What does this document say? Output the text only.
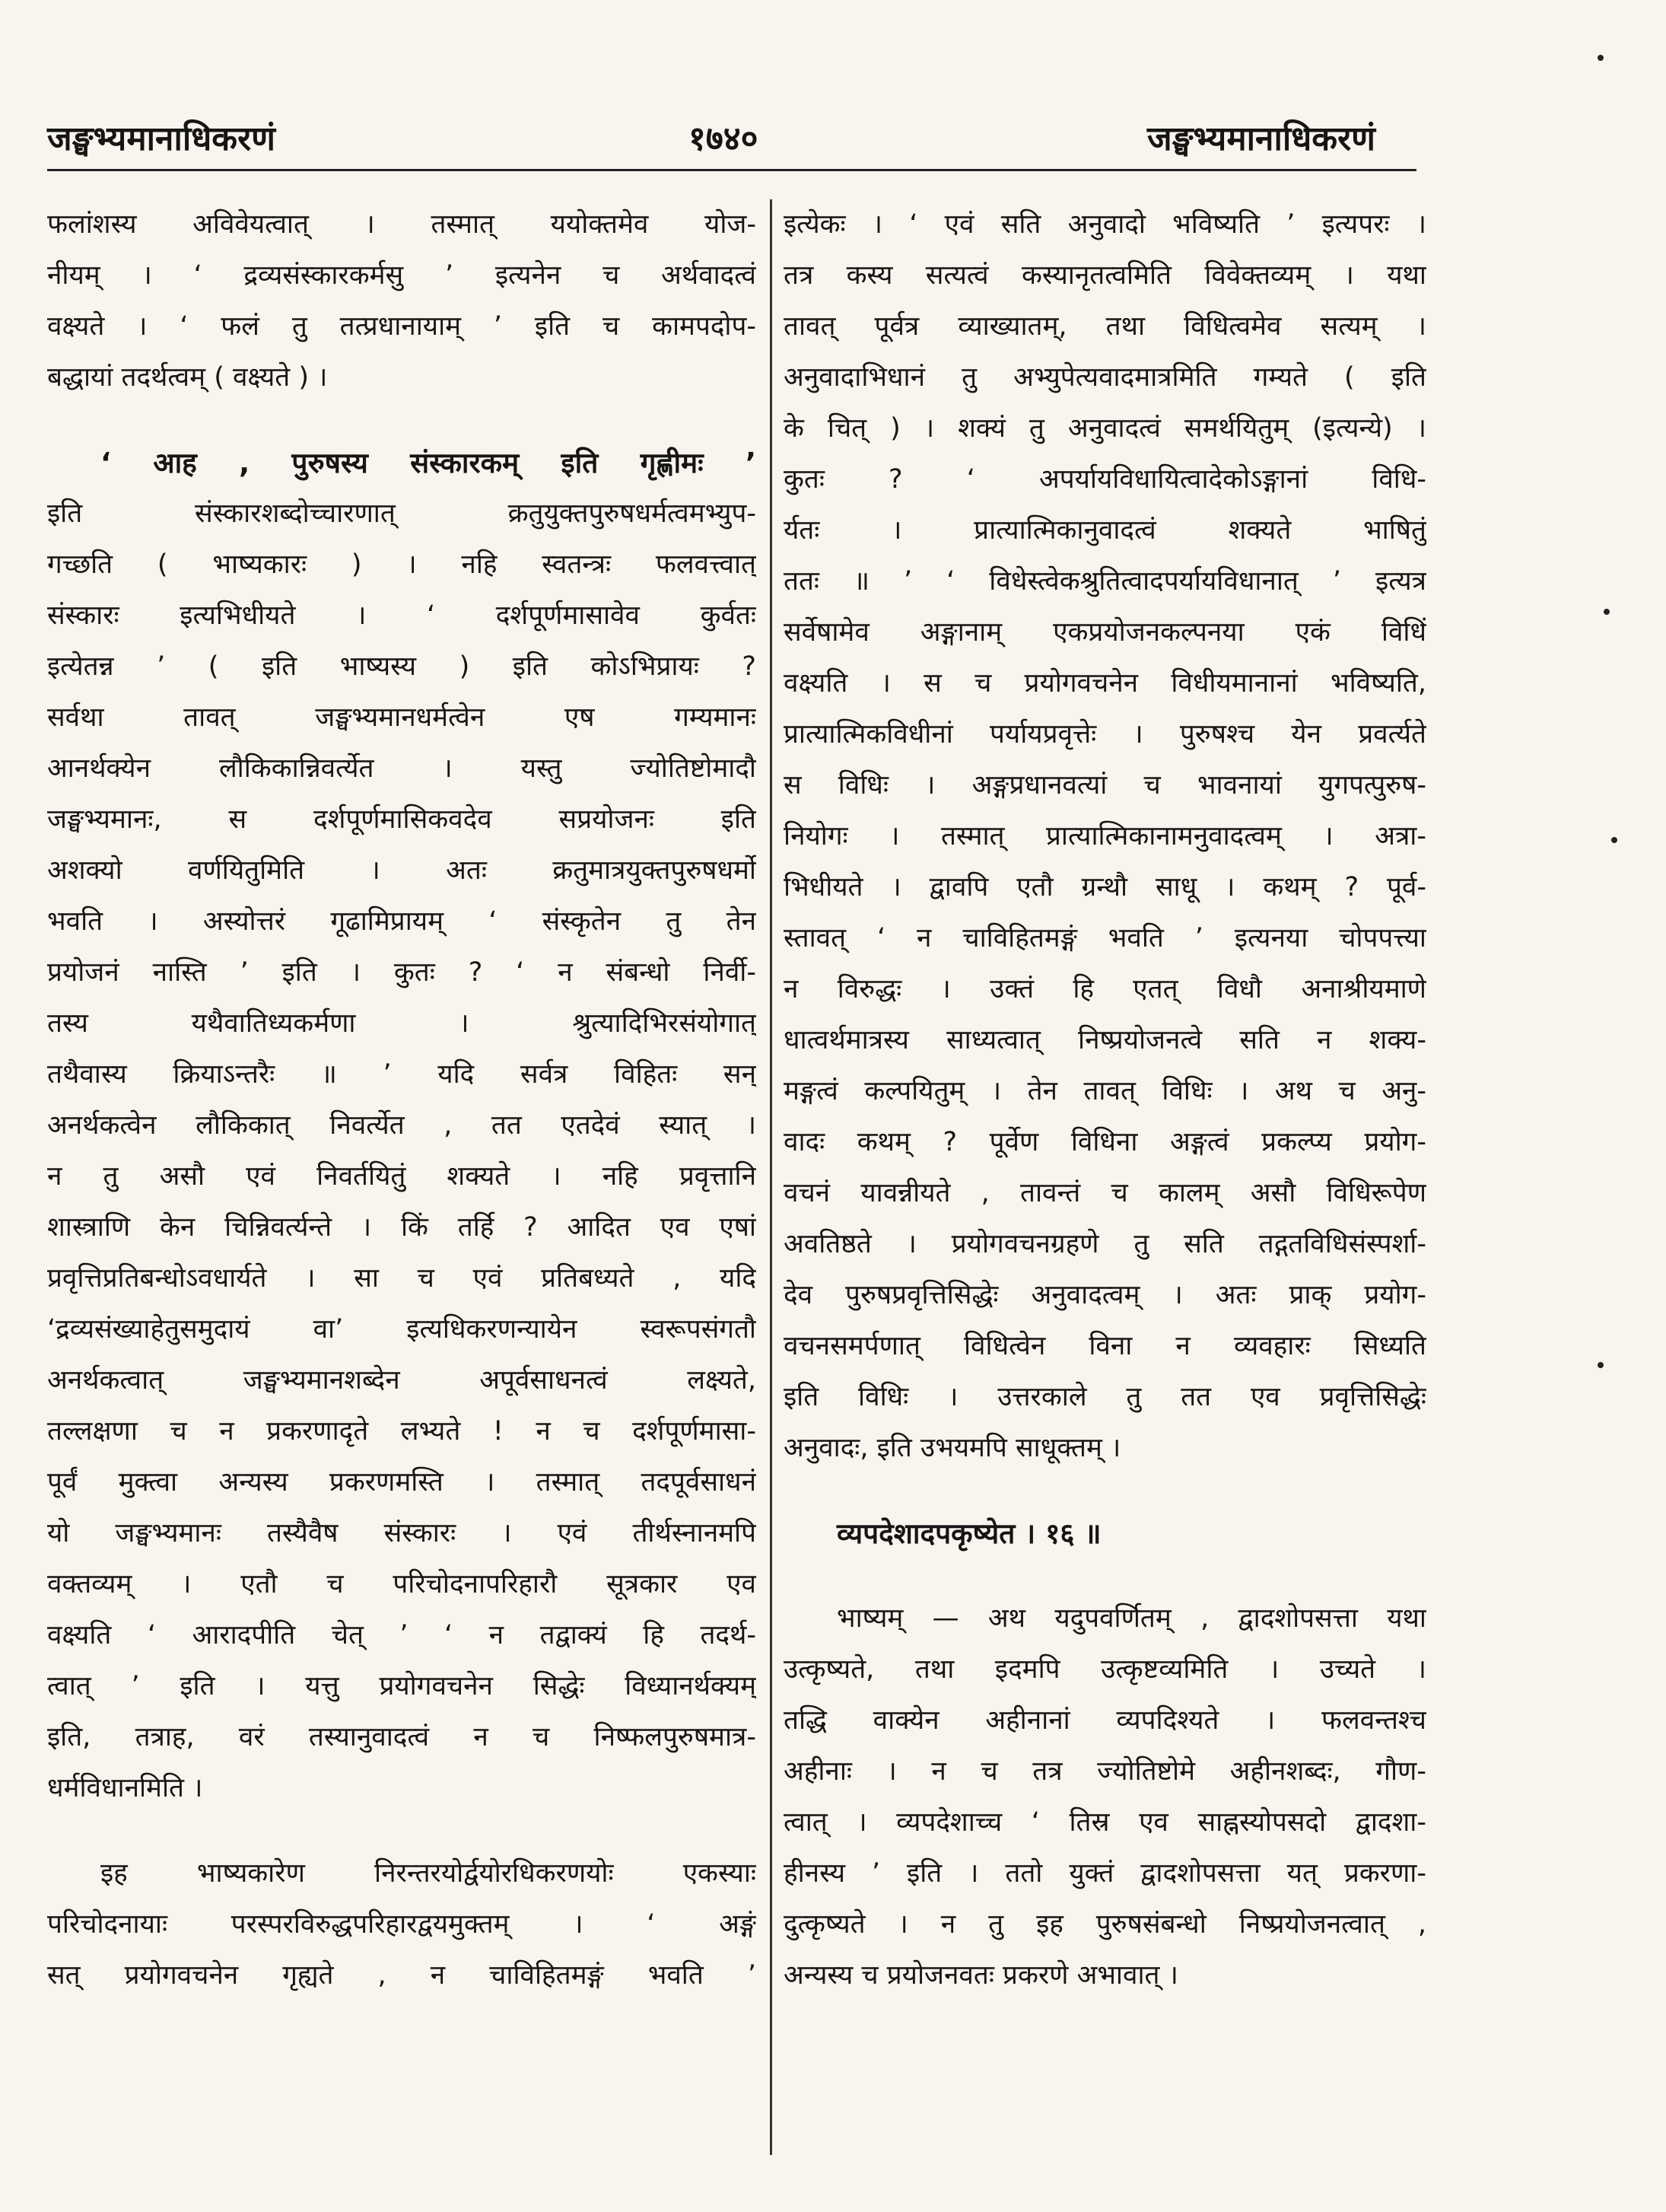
जङ्घभ्यमानाधिकरणं	१७४०	जङ्घभ्यमानाधिकरणं
फलांशस्य अविवेयत्वात् । तस्मात् ययोक्तमेव योज-
नीयम् । ‘ द्रव्यसंस्कारकर्मसु ’ इत्यनेन च अर्थवादत्वं
वक्ष्यते । ‘ फलं तु तत्प्रधानायाम् ’ इति च कामपदोप-
बद्धायां तदर्थत्वम् ( वक्ष्यते ) ।
‘ आह , पुरुषस्य संस्कारकम् इति गृह्णीमः ’
इति संस्कारशब्दोच्चारणात् क्रतुयुक्तपुरुषधर्मत्वमभ्युप-
गच्छति ( भाष्यकारः ) । नहि स्वतन्त्रः फलवत्त्वात्
संस्कारः इत्यभिधीयते । ‘ दर्शपूर्णमासावेव कुर्वतः
इत्येतन्न ’ ( इति भाष्यस्य ) इति कोऽभिप्रायः ?
सर्वथा तावत् जङ्घभ्यमानधर्मत्वेन एष गम्यमानः
आनर्थक्येन लौकिकान्निवर्त्येत । यस्तु ज्योतिष्टोमादौ
जङ्घभ्यमानः, स दर्शपूर्णमासिकवदेव सप्रयोजनः इति
अशक्यो वर्णयितुमिति । अतः क्रतुमात्रयुक्तपुरुषधर्मो
भवति । अस्योत्तरं गूढामिप्रायम् ‘ संस्कृतेन तु तेन
प्रयोजनं नास्ति ’ इति । कुतः ? ‘ न संबन्धो निर्वी-
तस्य यथैवातिध्यकर्मणा । श्रुत्यादिभिरसंयोगात्
तथैवास्य क्रियाऽन्तरैः ॥ ’ यदि सर्वत्र विहितः सन्
अनर्थकत्वेन लौकिकात् निवर्त्येत , तत एतदेवं स्यात् ।
न तु असौ एवं निवर्तयितुं शक्यते । नहि प्रवृत्तानि
शास्त्राणि केन चिन्निवर्त्यन्ते । किं तर्हि ? आदित एव एषां
प्रवृत्तिप्रतिबन्धोऽवधार्यते । सा च एवं प्रतिबध्यते , यदि
‘द्रव्यसंख्याहेतुसमुदायं वा’ इत्यधिकरणन्यायेन स्वरूपसंगतौ
अनर्थकत्वात् जङ्घभ्यमानशब्देन अपूर्वसाधनत्वं लक्ष्यते,
तल्लक्षणा च न प्रकरणादृते लभ्यते ! न च दर्शपूर्णमासा-
पूर्वं मुक्त्वा अन्यस्य प्रकरणमस्ति । तस्मात् तदपूर्वसाधनं
यो जङ्घभ्यमानः तस्यैवैष संस्कारः । एवं तीर्थस्नानमपि
वक्तव्यम् । एतौ च परिचोदनापरिहारौ सूत्रकार एव
वक्ष्यति ‘ आरादपीति चेत् ’ ‘ न तद्वाक्यं हि तदर्थ-
त्वात् ’ इति । यत्तु प्रयोगवचनेन सिद्धेः विध्यानर्थक्यम्
इति, तत्राह, वरं तस्यानुवादत्वं न च निष्फलपुरुषमात्र-
धर्मविधानमिति ।
इह भाष्यकारेण निरन्तरयोर्द्वयोरधिकरणयोः एकस्याः
परिचोदनायाः परस्परविरुद्धपरिहारद्वयमुक्तम् । ‘ अङ्गं
सत् प्रयोगवचनेन गृह्यते , न चाविहितमङ्गं भवति ’
इत्येकः । ‘ एवं सति अनुवादो भविष्यति ’ इत्यपरः ।
तत्र कस्य सत्यत्वं कस्यानृतत्वमिति विवेक्तव्यम् । यथा
तावत् पूर्वत्र व्याख्यातम्, तथा विधित्वमेव सत्यम् ।
अनुवादाभिधानं तु अभ्युपेत्यवादमात्रमिति गम्यते ( इति
के चित् ) । शक्यं तु अनुवादत्वं समर्थयितुम् (इत्यन्ये) ।
कुतः ? ‘ अपर्यायविधायित्वादेकोऽङ्गानां विधि-
र्यतः । प्रात्यात्मिकानुवादत्वं शक्यते भाषितुं
ततः ॥ ’ ‘ विधेस्त्वेकश्रुतित्वादपर्यायविधानात् ’ इत्यत्र
सर्वेषामेव अङ्गानाम् एकप्रयोजनकल्पनया एकं विधिं
वक्ष्यति । स च प्रयोगवचनेन विधीयमानानां भविष्यति,
प्रात्यात्मिकविधीनां पर्यायप्रवृत्तेः । पुरुषश्च येन प्रवर्त्यते
स विधिः । अङ्गप्रधानवत्यां च भावनायां युगपत्पुरुष-
नियोगः । तस्मात् प्रात्यात्मिकानामनुवादत्वम् । अत्रा-
भिधीयते । द्वावपि एतौ ग्रन्थौ साधू । कथम् ? पूर्व-
स्तावत् ‘ न चाविहितमङ्गं भवति ’ इत्यनया चोपपत्त्या
न विरुद्धः । उक्तं हि एतत् विधौ अनाश्रीयमाणे
धात्वर्थमात्रस्य साध्यत्वात् निष्प्रयोजनत्वे सति न शक्य-
मङ्गत्वं कल्पयितुम् । तेन तावत् विधिः । अथ च अनु-
वादः कथम् ? पूर्वेण विधिना अङ्गत्वं प्रकल्प्य प्रयोग-
वचनं यावन्नीयते , तावन्तं च कालम् असौ विधिरूपेण
अवतिष्ठते । प्रयोगवचनग्रहणे तु सति तद्गतविधिसंस्पर्शा-
देव पुरुषप्रवृत्तिसिद्धेः अनुवादत्वम् । अतः प्राक् प्रयोग-
वचनसमर्पणात् विधित्वेन विना न व्यवहारः सिध्यति
इति विधिः । उत्तरकाले तु तत एव प्रवृत्तिसिद्धेः
अनुवादः, इति उभयमपि साधूक्तम् ।
व्यपदेशादपकृष्येत । १६ ॥
भाष्यम् — अथ यदुपवर्णितम् , द्वादशोपसत्ता यथा
उत्कृष्यते, तथा इदमपि उत्कृष्टव्यमिति । उच्यते ।
तद्धि वाक्येन अहीनानां व्यपदिश्यते । फलवन्तश्च
अहीनाः । न च तत्र ज्योतिष्टोमे अहीनशब्दः, गौण-
त्वात् । व्यपदेशाच्च ‘ तिस्र एव साह्नस्योपसदो द्वादशा-
हीनस्य ’ इति । ततो युक्तं द्वादशोपसत्ता यत् प्रकरणा-
दुत्कृष्यते । न तु इह पुरुषसंबन्धो निष्प्रयोजनत्वात् ,
अन्यस्य च प्रयोजनवतः प्रकरणे अभावात् ।
